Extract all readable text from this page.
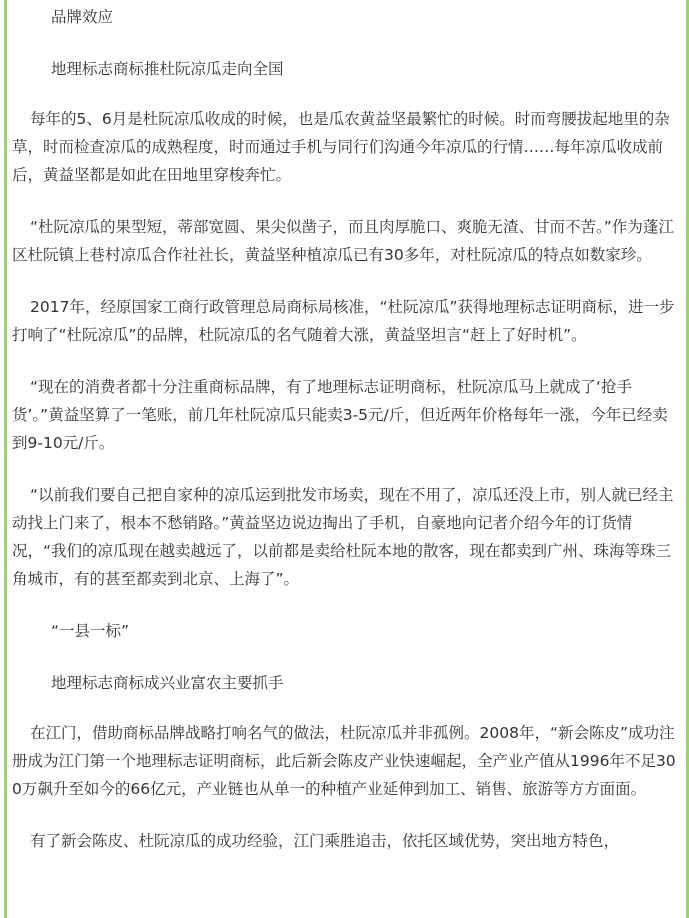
品牌效应

地理标志商标推杜阮凉瓜走向全国

每年的5、6月是杜阮凉瓜收成的时候，也是瓜农黄益坚最繁忙的时候。时而弯腰拔起地里的杂草，时而检查凉瓜的成熟程度，时而通过手机与同行们沟通今年凉瓜的行情……每年凉瓜收成前后，黄益坚都是如此在田地里穿梭奔忙。

“杜阮凉瓜的果型短，蒂部宽圆、果尖似凿子，而且肉厚脆口、爽脆无渣、甘而不苦。”作为蓬江区杜阮镇上巷村凉瓜合作社社长，黄益坚种植凉瓜已有30多年，对杜阮凉瓜的特点如数家珍。

2017年，经原国家工商行政管理总局商标局核准，“杜阮凉瓜”获得地理标志证明商标，进一步打响了“杜阮凉瓜”的品牌，杜阮凉瓜的名气随着大涨，黄益坚坦言“赶上了好时机”。

“现在的消费者都十分注重商标品牌，有了地理标志证明商标，杜阮凉瓜马上就成了‘抢手货’。”黄益坚算了一笔账，前几年杜阮凉瓜只能卖3-5元/斤，但近两年价格每年一涨，今年已经卖到9-10元/斤。

“以前我们要自己把自家种的凉瓜运到批发市场卖，现在不用了，凉瓜还没上市，别人就已经主动找上门来了，根本不愁销路。”黄益坚边说边掏出了手机，自豪地向记者介绍今年的订货情况，“我们的凉瓜现在越卖越远了，以前都是卖给杜阮本地的散客，现在都卖到广州、珠海等珠三角城市，有的甚至都卖到北京、上海了”。

“一县一标”

地理标志商标成兴业富农主要抓手

在江门，借助商标品牌战略打响名气的做法，杜阮凉瓜并非孤例。2008年，“新会陈皮”成功注册成为江门第一个地理标志证明商标，此后新会陈皮产业快速崛起，全产业产值从1996年不足300万飙升至如今的66亿元，产业链也从单一的种植产业延伸到加工、销售、旅游等方方面面。

有了新会陈皮、杜阮凉瓜的成功经验，江门乘胜追击，依托区域优势，突出地方特色，
